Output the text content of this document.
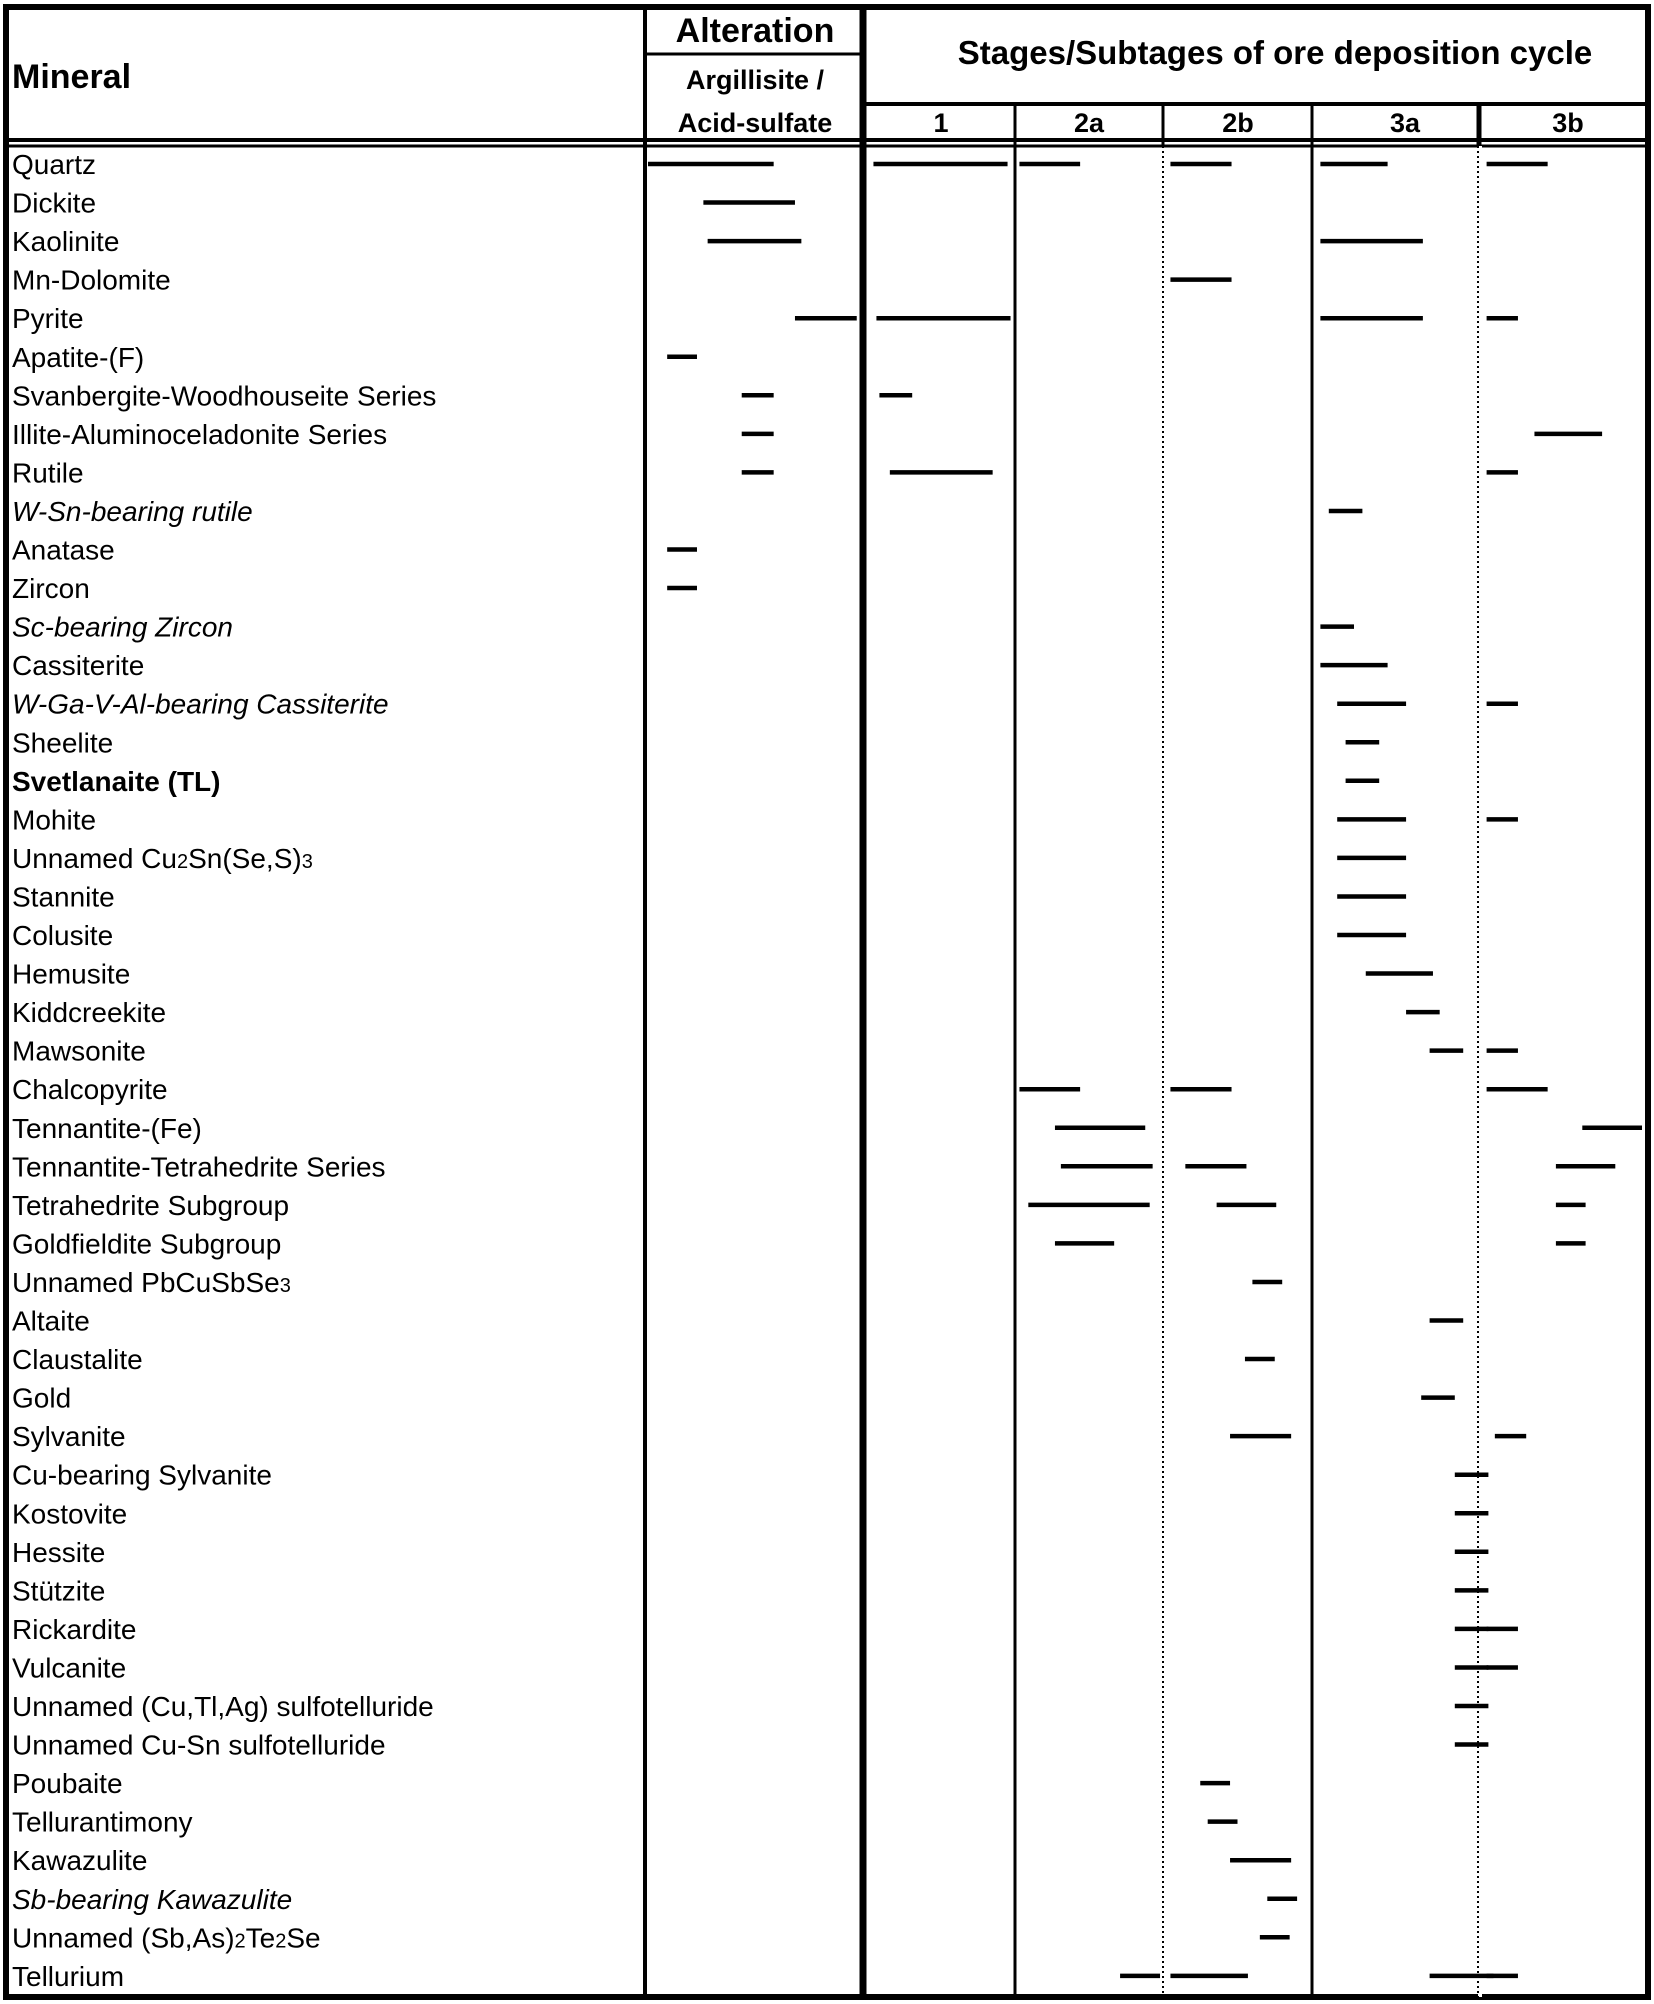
Mineral
Alteration
Argillisite /
Acid-sulfate
Stages/Subtages of ore deposition cycle
1	2a	2b	3a	3b
Quartz
Dickite
Kaolinite
Mn-Dolomite
Pyrite
Apatite-(F)
Svanbergite-Woodhouseite Series
Illite-Aluminoceladonite Series
Rutile
W-Sn-bearing rutile
Anatase
Zircon
Sc-bearing Zircon
Cassiterite
W-Ga-V-Al-bearing Cassiterite
Sheelite
Svetlanaite (TL)
Mohite
Unnamed Cu2Sn(Se,S)3
Stannite
Colusite
Hemusite
Kiddcreekite
Mawsonite
Chalcopyrite
Tennantite-(Fe)
Tennantite-Tetrahedrite Series
Tetrahedrite Subgroup
Goldfieldite Subgroup
Unnamed PbCuSbSe3
Altaite
Claustalite
Gold
Sylvanite
Cu-bearing Sylvanite
Kostovite
Hessite
Stützite
Rickardite
Vulcanite
Unnamed (Cu,Tl,Ag) sulfotelluride
Unnamed Cu-Sn sulfotelluride
Poubaite
Tellurantimony
Kawazulite
Sb-bearing Kawazulite
Unnamed (Sb,As)2Te2Se
Tellurium
